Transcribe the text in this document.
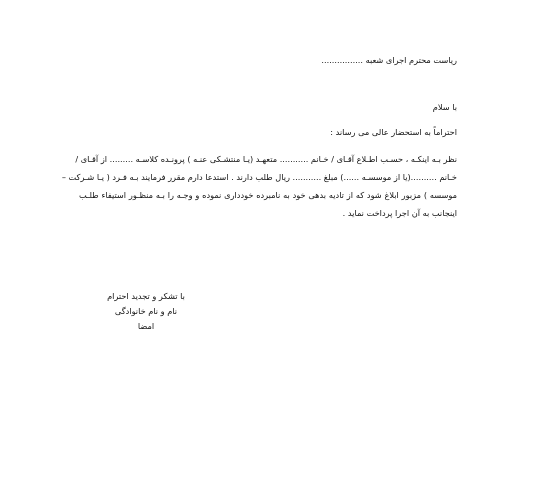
ریاست محترم اجرای شعبه ................
با سلام
احتراماً به استحضار عالی می رساند :
نظر بـه اینکـه ، حسـب اطـلاع آقـای / خـانم ........... متعهـد (یـا منتشـکی عنـه ) پرونـده کلاسـه ......... از آقـای /
خـانم ..........(یا از موسسـه ......) مبلغ ........... ریال طلب دارند . استدعا دارم مقرر فرمایند بـه فـرد ( یـا شـرکت –
موسسه ) مزبور ابلاغ شود که از تادیه بدهی خود به نامبرده خودداری نموده و وجـه را بـه منظـور استیفاء طلـب
اینجانب به آن اجرا پرداخت نماید .
با تشکر و تجدید احترام
نام و نام خانوادگی
امضا
